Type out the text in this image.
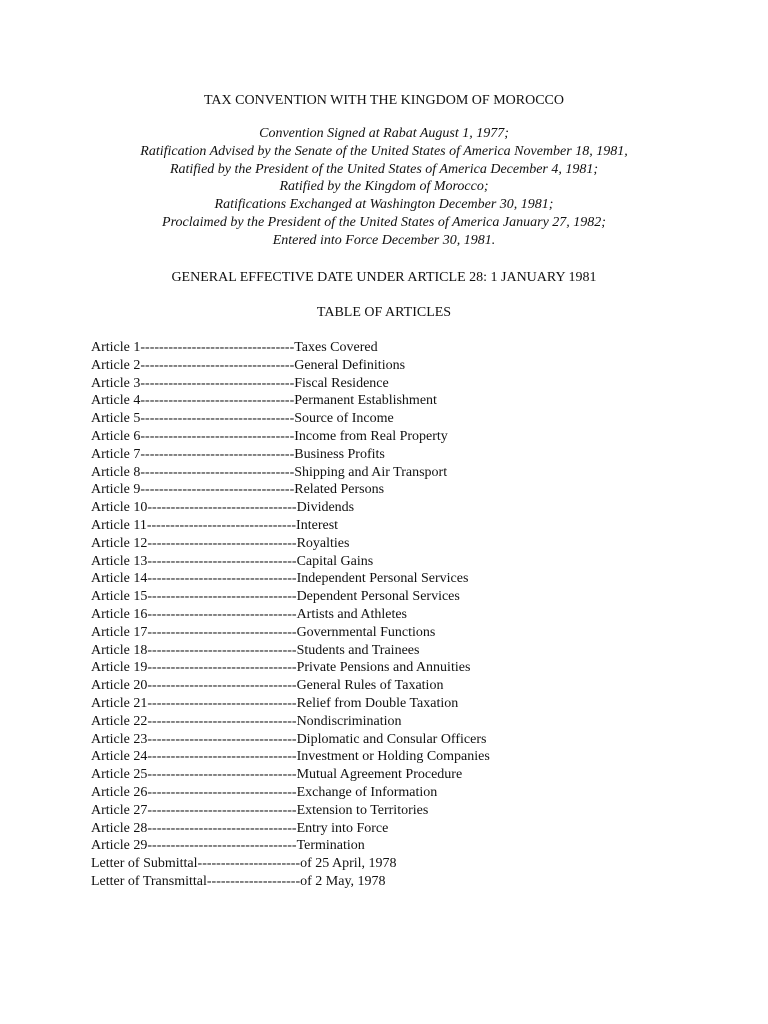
TAX CONVENTION WITH THE KINGDOM OF MOROCCO
Convention Signed at Rabat August 1, 1977;
Ratification Advised by the Senate of the United States of America November 18, 1981,
Ratified by the President of the United States of America December 4, 1981;
Ratified by the Kingdom of Morocco;
Ratifications Exchanged at Washington December 30, 1981;
Proclaimed by the President of the United States of America January 27, 1982;
Entered into Force December 30, 1981.
GENERAL EFFECTIVE DATE UNDER ARTICLE 28: 1 JANUARY 1981
TABLE OF ARTICLES
Article 1---------------------------------Taxes Covered
Article 2---------------------------------General Definitions
Article 3---------------------------------Fiscal Residence
Article 4---------------------------------Permanent Establishment
Article 5---------------------------------Source of Income
Article 6---------------------------------Income from Real Property
Article 7---------------------------------Business Profits
Article 8---------------------------------Shipping and Air Transport
Article 9---------------------------------Related Persons
Article 10--------------------------------Dividends
Article 11--------------------------------Interest
Article 12--------------------------------Royalties
Article 13--------------------------------Capital Gains
Article 14--------------------------------Independent Personal Services
Article 15--------------------------------Dependent Personal Services
Article 16--------------------------------Artists and Athletes
Article 17--------------------------------Governmental Functions
Article 18--------------------------------Students and Trainees
Article 19--------------------------------Private Pensions and Annuities
Article 20--------------------------------General Rules of Taxation
Article 21--------------------------------Relief from Double Taxation
Article 22--------------------------------Nondiscrimination
Article 23--------------------------------Diplomatic and Consular Officers
Article 24--------------------------------Investment or Holding Companies
Article 25--------------------------------Mutual Agreement Procedure
Article 26--------------------------------Exchange of Information
Article 27--------------------------------Extension to Territories
Article 28--------------------------------Entry into Force
Article 29--------------------------------Termination
Letter of Submittal----------------------of 25 April, 1978
Letter of Transmittal--------------------of 2 May, 1978
